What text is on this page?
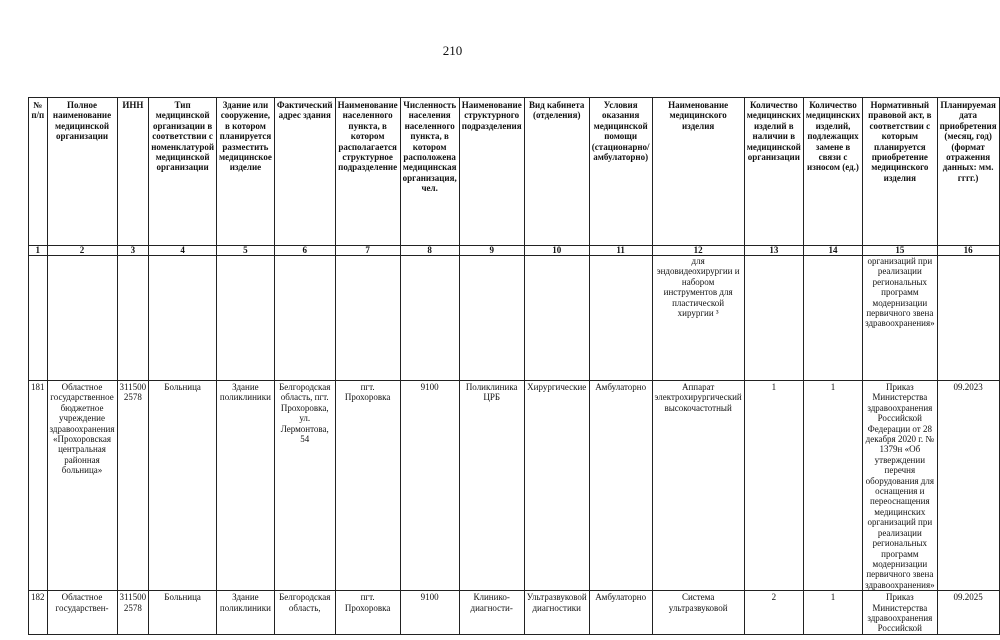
210
№ п/п	Полное наименование медицинской организации	ИНН	Тип медицинской организации в соответствии с номенклатурой медицинской организации	Здание или сооружение, в котором планируется разместить медицинское изделие	Фактический адрес здания	Наименование населенного пункта, в котором располагается структурное подразделение	Численность населения населенного пункта, в котором расположена медицинская организация, чел.	Наименование структурного подразделения	Вид кабинета (отделения)	Условия оказания медицинской помощи (стационарно/ амбулаторно)	Наименование медицинского изделия	Количество медицинских изделий в наличии в медицинской организации	Количество медицинских изделий, подлежащих замене в связи с износом (ед.)	Нормативный правовой акт, в соответствии с которым планируется приобретение медицинского изделия	Планируемая дата приобретения (месяц, год) (формат отражения данных: мм. гггг.)
1	2	3	4	5	6	7	8	9	10	11	12	13	14	15	16
											для эндовидеохирургии и набором инструментов для пластической хирургии ³			организаций при реализации региональных программ модернизации первичного звена здравоохранения»	
181	Областное государственное бюджетное учреждение здравоохранения «Прохоровская центральная районная больница»	311500 2578	Больница	Здание поликлиники	Белгородская область, пгт. Прохоровка, ул. Лермонтова, 54	пгт. Прохоровка	9100	Поликлиника ЦРБ	Хирургические	Амбулаторно	Аппарат электрохирургический высокочастотный	1	1	Приказ Министерства здравоохранения Российской Федерации от 28 декабря 2020 г. № 1379н «Об утверждении перечня оборудования для оснащения и переоснащения медицинских организаций при реализации региональных программ модернизации первичного звена здравоохранения»	09.2023
182	Областное государствен-	311500 2578	Больница	Здание поликлиники	Белгородская область,	пгт. Прохоровка	9100	Клинико-диагности-	Ультразвуковой диагностики	Амбулаторно	Система ультразвуковой	2	1	Приказ Министерства здравоохранения Российской	09.2025
